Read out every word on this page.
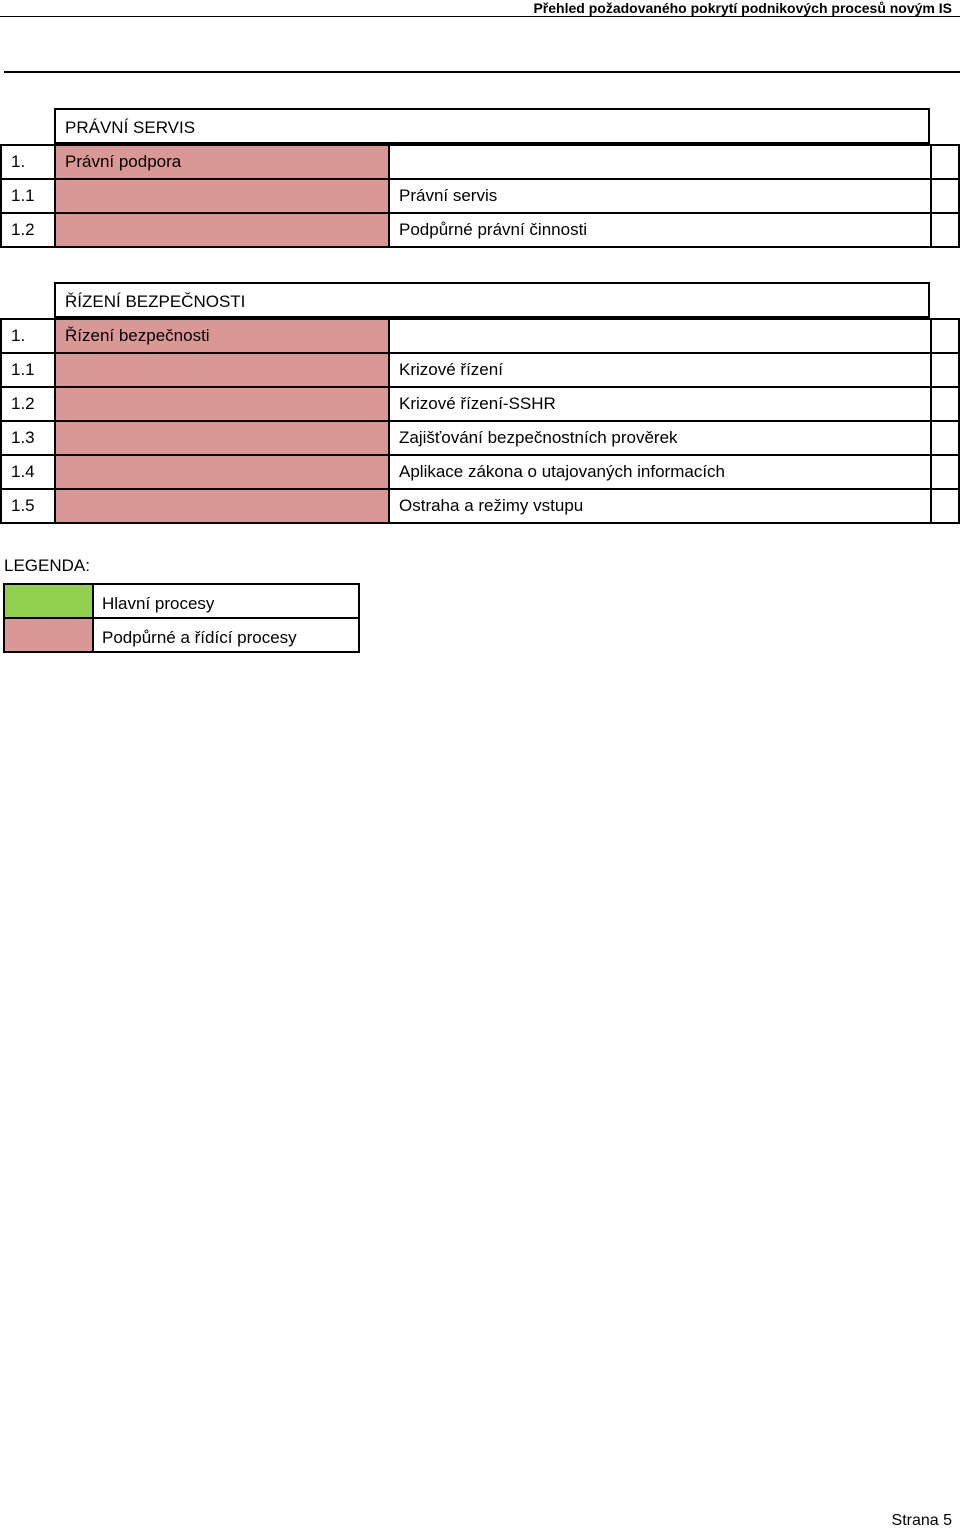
Přehled požadovaného pokrytí podnikových procesů novým IS
PRÁVNÍ SERVIS
1.	Právní podpora
1.1	Právní servis
1.2	Podpůrné právní činnosti
ŘÍZENÍ BEZPEČNOSTI
1.	Řízení bezpečnosti
1.1	Krizové řízení
1.2	Krizové řízení-SSHR
1.3	Zajišťování bezpečnostních prověrek
1.4	Aplikace zákona o utajovaných informacích
1.5	Ostraha a režimy vstupu
LEGENDA:
Hlavní procesy
Podpůrné a řídící procesy
Strana 5
